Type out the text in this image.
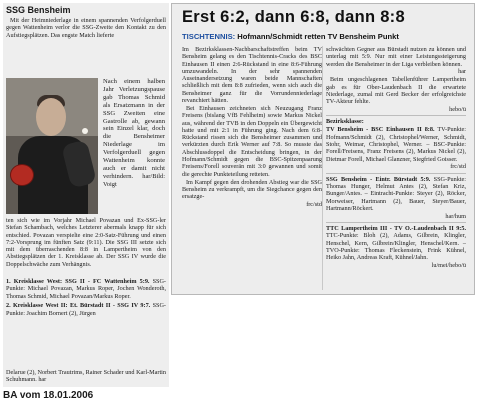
SSG Bensheim

Mit der Heimniederlage in einem spannenden Verfolgerduell gegen Wattenheim verlor die SSG-Zweite den Kontakt zu den Aufstiegsplätzen. Das engste Match lieferte

Nach einem halben Jahr Verletzungspause gab Thomas Schmid als Ersatzmann in der SSG Zweiten eine Gastrolle ab, gewann sein Einzel klar, doch die Bensheimer Niederlage im Verfolgerduell gegen Wattenheim konnte auch er damit nicht verhindern. har/Bild: Voigt

ten sich wie im Vorjahr Michael Povazan und Ex-SSG-ler Stefan Schambach, welches Letzterer abermals knapp für sich entschied. Povazan verspielte eine 2:0-Satz-Führung und einen 7:2-Vorsprung im fünften Satz (9:11). Die SSG III setzte sich mit dem überraschenden 8:8 in Lampertheim von den Abstiegsplätzen der 1. Kreisklasse ab. Der SSG IV wurde die Doppelschwäche zum Verhängnis.

1. Kreisklasse West: SSG II - FC Wattenheim 5:9. SSG-Punkte: Michael Povazan, Markus Roper, Jochen Wonderoth, Thomas Schmid, Michael Povazan/Markus Roper.

2. Kreisklasse West II: Et. Bürstadt II - SSG IV 9:7. SSG-Punkte: Joachim Bornert (2), Jürgen

Delarue (2), Norbert Trautrims, Rainer Schader und Karl-Martin Schuhmann. har
BA vom 18.01.2006
Erst 6:2, dann 6:8, dann 8:8
TISCHTENNIS: Hofmann/Schmidt retten TV Bensheim Punkt

Im Bezirksklassen-Nachbarschaftstreffen beim TV Bensheim gelang es den Tischtennis-Cracks des BSC Einhausen II einen 2:6-Rückstand in eine 8:6-Führung umzuwandeln. In der sehr spannenden Auseinandersetzung waren beide Mannschaften schließlich mit dem 8:8 zufrieden, wenn sich auch die Bensheimer ganz für die Vorrundenniederlage revanchiert hätten.

Bei Einhausen zeichneten sich Neuzugang Franz Freisens (bislang VfB Fehlheim) sowie Markus Nickel aus, während der TVB in den Doppeln ein Übergewicht hatte und mit 2:1 in Führung ging. Nach dem 6:8-Rückstand rissen sich die Bensheimer zusammen und verkürzten durch Erik Werner auf 7:8. So musste das Abschlussdoppel die Entscheidung bringen, in der Hofmann/Schmidt gegen die BSC-Spitzenpaarung Freisens/Forell souverän mit 3:0 gewannen und somit die gerechte Punkteteilung retteten.

Im Kampf gegen den drohenden Abstieg war die SSG Bensheim zu verkrampft, um die Siegchance gegen den ersatzge-

frc/std

schwächten Gegner aus Bürstadt nutzen zu können und unterlag mit 5:9. Nur mit einer Leistungssteigerung werden die Bensheimer in der Liga verbleiben können.

har

Beim ungeschlagenen Tabellenführer Lampertheim gab es für Ober-Laudenbach II die erwartete Niederlage, zumal mit Gerd Becker der erfolgreichste TV-Akteur fehlte.

hebo/ü

Bezirksklasse:

TV Bensheim - BSC Einhausen II 8:8. TV-Punkte: Hofmann/Schmidt (2), Christophel/Werner, Schmidt, Stohr, Weimar, Christophel, Werner. – BSC-Punkte: Forell/Freisens, Franz Freisens (2), Markus Nickel (2), Dietmar Forell, Michael Glanzner, Siegfried Goisser.

frc/std

SSG Bensheim - Eintr. Bürstadt 5:9. SSG-Punkte: Thomas Hunger, Helmut Antes (2), Stefan Kriz, Bunger/Antes. – Eintracht-Punkte: Steyer (2), Röcker, Morweiser, Hartmann (2), Bauer, Steyer/Bauer, Hartmann/Röckert.

har/hum

TTC Lampertheim III - TV O.-Laudenbach II 9:5. TTC-Punkte: Bloh (2), Adams, Gilbrein, Klingler, Henschel, Kern, Gilbrein/Klingler, Henschel/Kern. – TVO-Punkte: Thomas Fleckenstein, Frink Kühnel, Heiko Jahn, Andreas Kraft, Kühnel/Jahn.

lu/mei/hebo/ü
